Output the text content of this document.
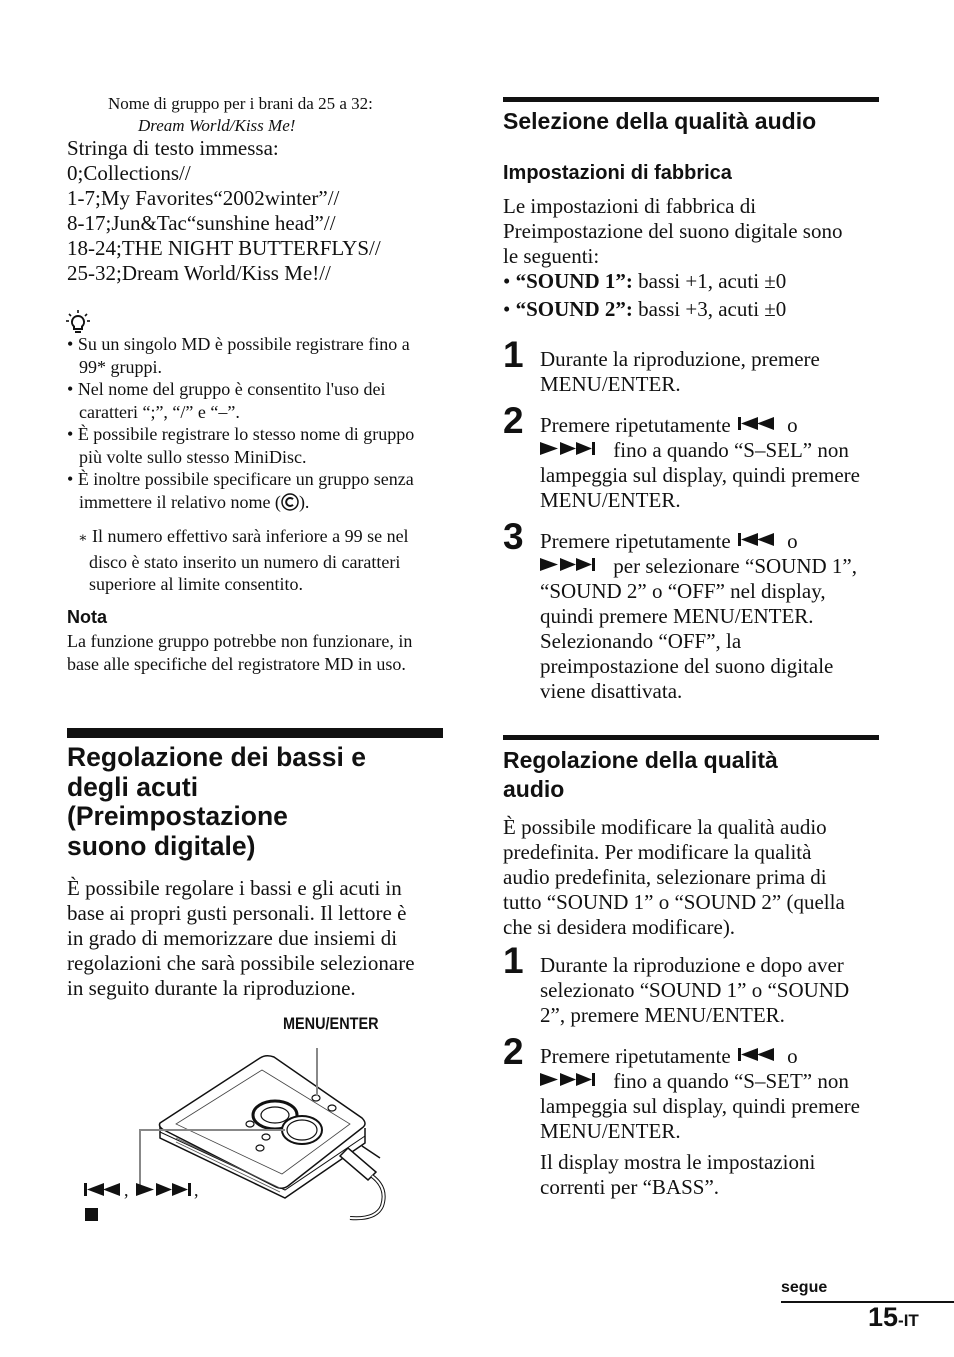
Nome di gruppo per i brani da 25 a 32:
Dream World/Kiss Me!
Stringa di testo immessa:
0;Collections//
1-7;My Favorites“2002winter”//
8-17;Jun&Tac“sunshine head”//
18-24;THE NIGHT BUTTERFLYS//
25-32;Dream World/Kiss Me!//
• Su un singolo MD è possibile registrare fino a
99* gruppi.
• Nel nome del gruppo è consentito l'uso dei
caratteri “;”, “/” e “–”.
• È possibile registrare lo stesso nome di gruppo
più volte sullo stesso MiniDisc.
• È inoltre possibile specificare un gruppo senza
immettere il relativo nome ( ).
∗ Il numero effettivo sarà inferiore a 99 se nel
disco è stato inserito un numero di caratteri
superiore al limite consentito.
Nota
La funzione gruppo potrebbe non funzionare, in
base alle specifiche del registratore MD in uso.
Regolazione dei bassi e
degli acuti
(Preimpostazione
suono digitale)
È possibile regolare i bassi e gli acuti in
base ai propri gusti personali. Il lettore è
in grado di memorizzare due insiemi di
regolazioni che sarà possibile selezionare
in seguito durante la riproduzione.
MENU/ENTER
,	,
Selezione della qualità audio
Impostazioni di fabbrica
Le impostazioni di fabbrica di
Preimpostazione del suono digitale sono
le seguenti:
• “SOUND 1”: bassi +1, acuti ±0
• “SOUND 2”: bassi +3, acuti ±0
1 Durante la riproduzione, premere
MENU/ENTER.
2 Premere ripetutamente  o
fino a quando “S–SEL” non
lampeggia sul display, quindi premere
MENU/ENTER.
3 Premere ripetutamente  o
per selezionare “SOUND 1”,
“SOUND 2” o “OFF” nel display,
quindi premere MENU/ENTER.
Selezionando “OFF”, la
preimpostazione del suono digitale
viene disattivata.
Regolazione della qualità
audio
È possibile modificare la qualità audio
predefinita. Per modificare la qualità
audio predefinita, selezionare prima di
tutto “SOUND 1” o “SOUND 2” (quella
che si desidera modificare).
1 Durante la riproduzione e dopo aver
selezionato “SOUND 1” o “SOUND
2”, premere MENU/ENTER.
2 Premere ripetutamente  o
fino a quando “S–SET” non
lampeggia sul display, quindi premere
MENU/ENTER.
Il display mostra le impostazioni
correnti per “BASS”.
segue
15-IT
